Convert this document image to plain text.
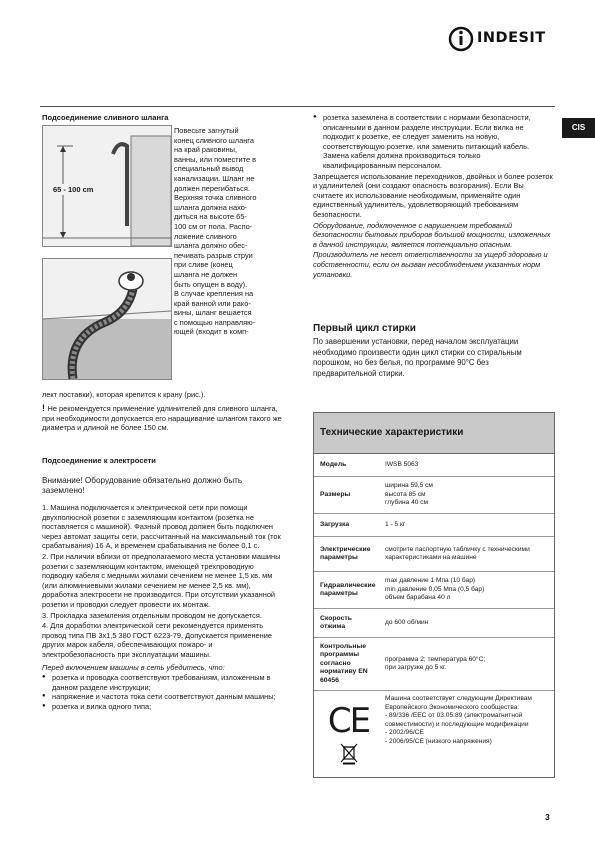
INDESIT
CIS
Подсоединение сливного шланга
65 - 100 cm

Повесьте загнутый

конец сливного шланга

на край раковины,

ванны, или поместите в

специальный вывод

канализации. Шланг не

должен перегибаться.

Верхняя точка сливного

шланга должна нахо-

диться на высоте 65-

100 см от пола. Распо-

ложение сливного

шланга должно обес-

печивать разрыв струи

при сливе (конец

шланга не должен

быть опущен в воду).

В случае крепления на

край ванной или рако-

вины, шланг вешается

с помощью направляю-

ющей (входит в комп-

лект поставки), которая крепится к крану (рис.).
! Не рекомендуется применение удлинителей для сливного шланга, при необходимости допускается его наращивание шлангом такого же диаметра и длиной не более 150 см.
Подсоединение к электросети
Внимание! Оборудование обязательно должно быть заземлено!

1. Машина подключается к электрической сети при помощи двухполюсной розетки с заземляющим контактом (розетка не поставляется с машиной). Фазный провод должен быть подключен через автомат защиты сети, рассчитанный на максимальный ток (ток срабатывания) 16 А, и временем срабатывания не более 0,1 с.

2. При наличии вблизи от предполагаемого места установки машины розетки с заземляющим контактом, имеющей трехпроводную подводку кабеля с медными жилами сечением не менее 1,5 кв. мм (или алюминиевыми жилами сечением не менее 2,5 кв. мм), доработка электросети не производится. При отсутствии указанной розетки и проводки следует провести их монтаж.

3. Прокладка заземления отдельным проводом не допускается.

4. Для доработки электрической сети рекомендуется применять провод типа ПВ 3х1,5 380 ГОСТ 6223-79. Допускается применение других марок кабеля, обеспечивающих пожаро- и электробезопасность при эксплуатации машины.

Перед включением машины в сеть убедитесь, что:

● розетка и проводка соответствуют требованиям, изложенным в данном разделе инструкции;

● напряжение и частота тока сети соответствуют данным машины;

● розетка и вилка одного типа;

● розетка заземлена в соответствии с нормами безопасности, описанными в данном разделе инструкции. Если вилка не подходит к розетке, ее следует заменить на новую, соответствующую розетке, или заменить питающий кабель. Замена кабеля должна производиться только квалифицированным персоналом.

Запрещается использование переходников, двойных и более розеток и удлинителей (они создают опасность возгорания). Если Вы считаете их использование необходимым, применяйте один единственный удлинитель, удовлетворяющий требованиям безопасности.

Оборудование, подключенное с нарушением требований безопасности бытовых приборов большой мощности, изложенных в данной инструкции, является потенциально опасным.

Производитель не несет ответственности за ущерб здоровью и собственности, если он вызван несоблюдением указанных норм установки.

Первый цикл стирки
По завершении установки, перед началом эксплуатации необходимо произвести один цикл стирки со стиральным порошком, но без белья, по программе 90°С без предварительной стирки.
Технические характеристики
Модель	IWSB 5063
Размеры
ширина 59,5 см
высота 85 см
глубина 40 см
Загрузка	1 - 5 кг
Электрические параметры
смотрите паспортную табличку с техническими характеристиками на машине
Гидравлические параметры
max давление 1 Мпа (10 бар)
min давление 0,05 Мпа (0,5 бар)
объем барабана 40 л
Скорость отжима
до 600 об/мин
Контрольные программы согласно нормативу EN 60456
программа 2; температура 60°С;
при загрузке до 5 кг.
CE
Машина соответствует следующим Директивам Европейского Экономического сообщества:
- 89/336 /EEC от 03.05.89 (электромагнитной совместимости) и последующие модификации
- 2002/96/CE
- 2006/95/CE (низкого напряжения)
3
